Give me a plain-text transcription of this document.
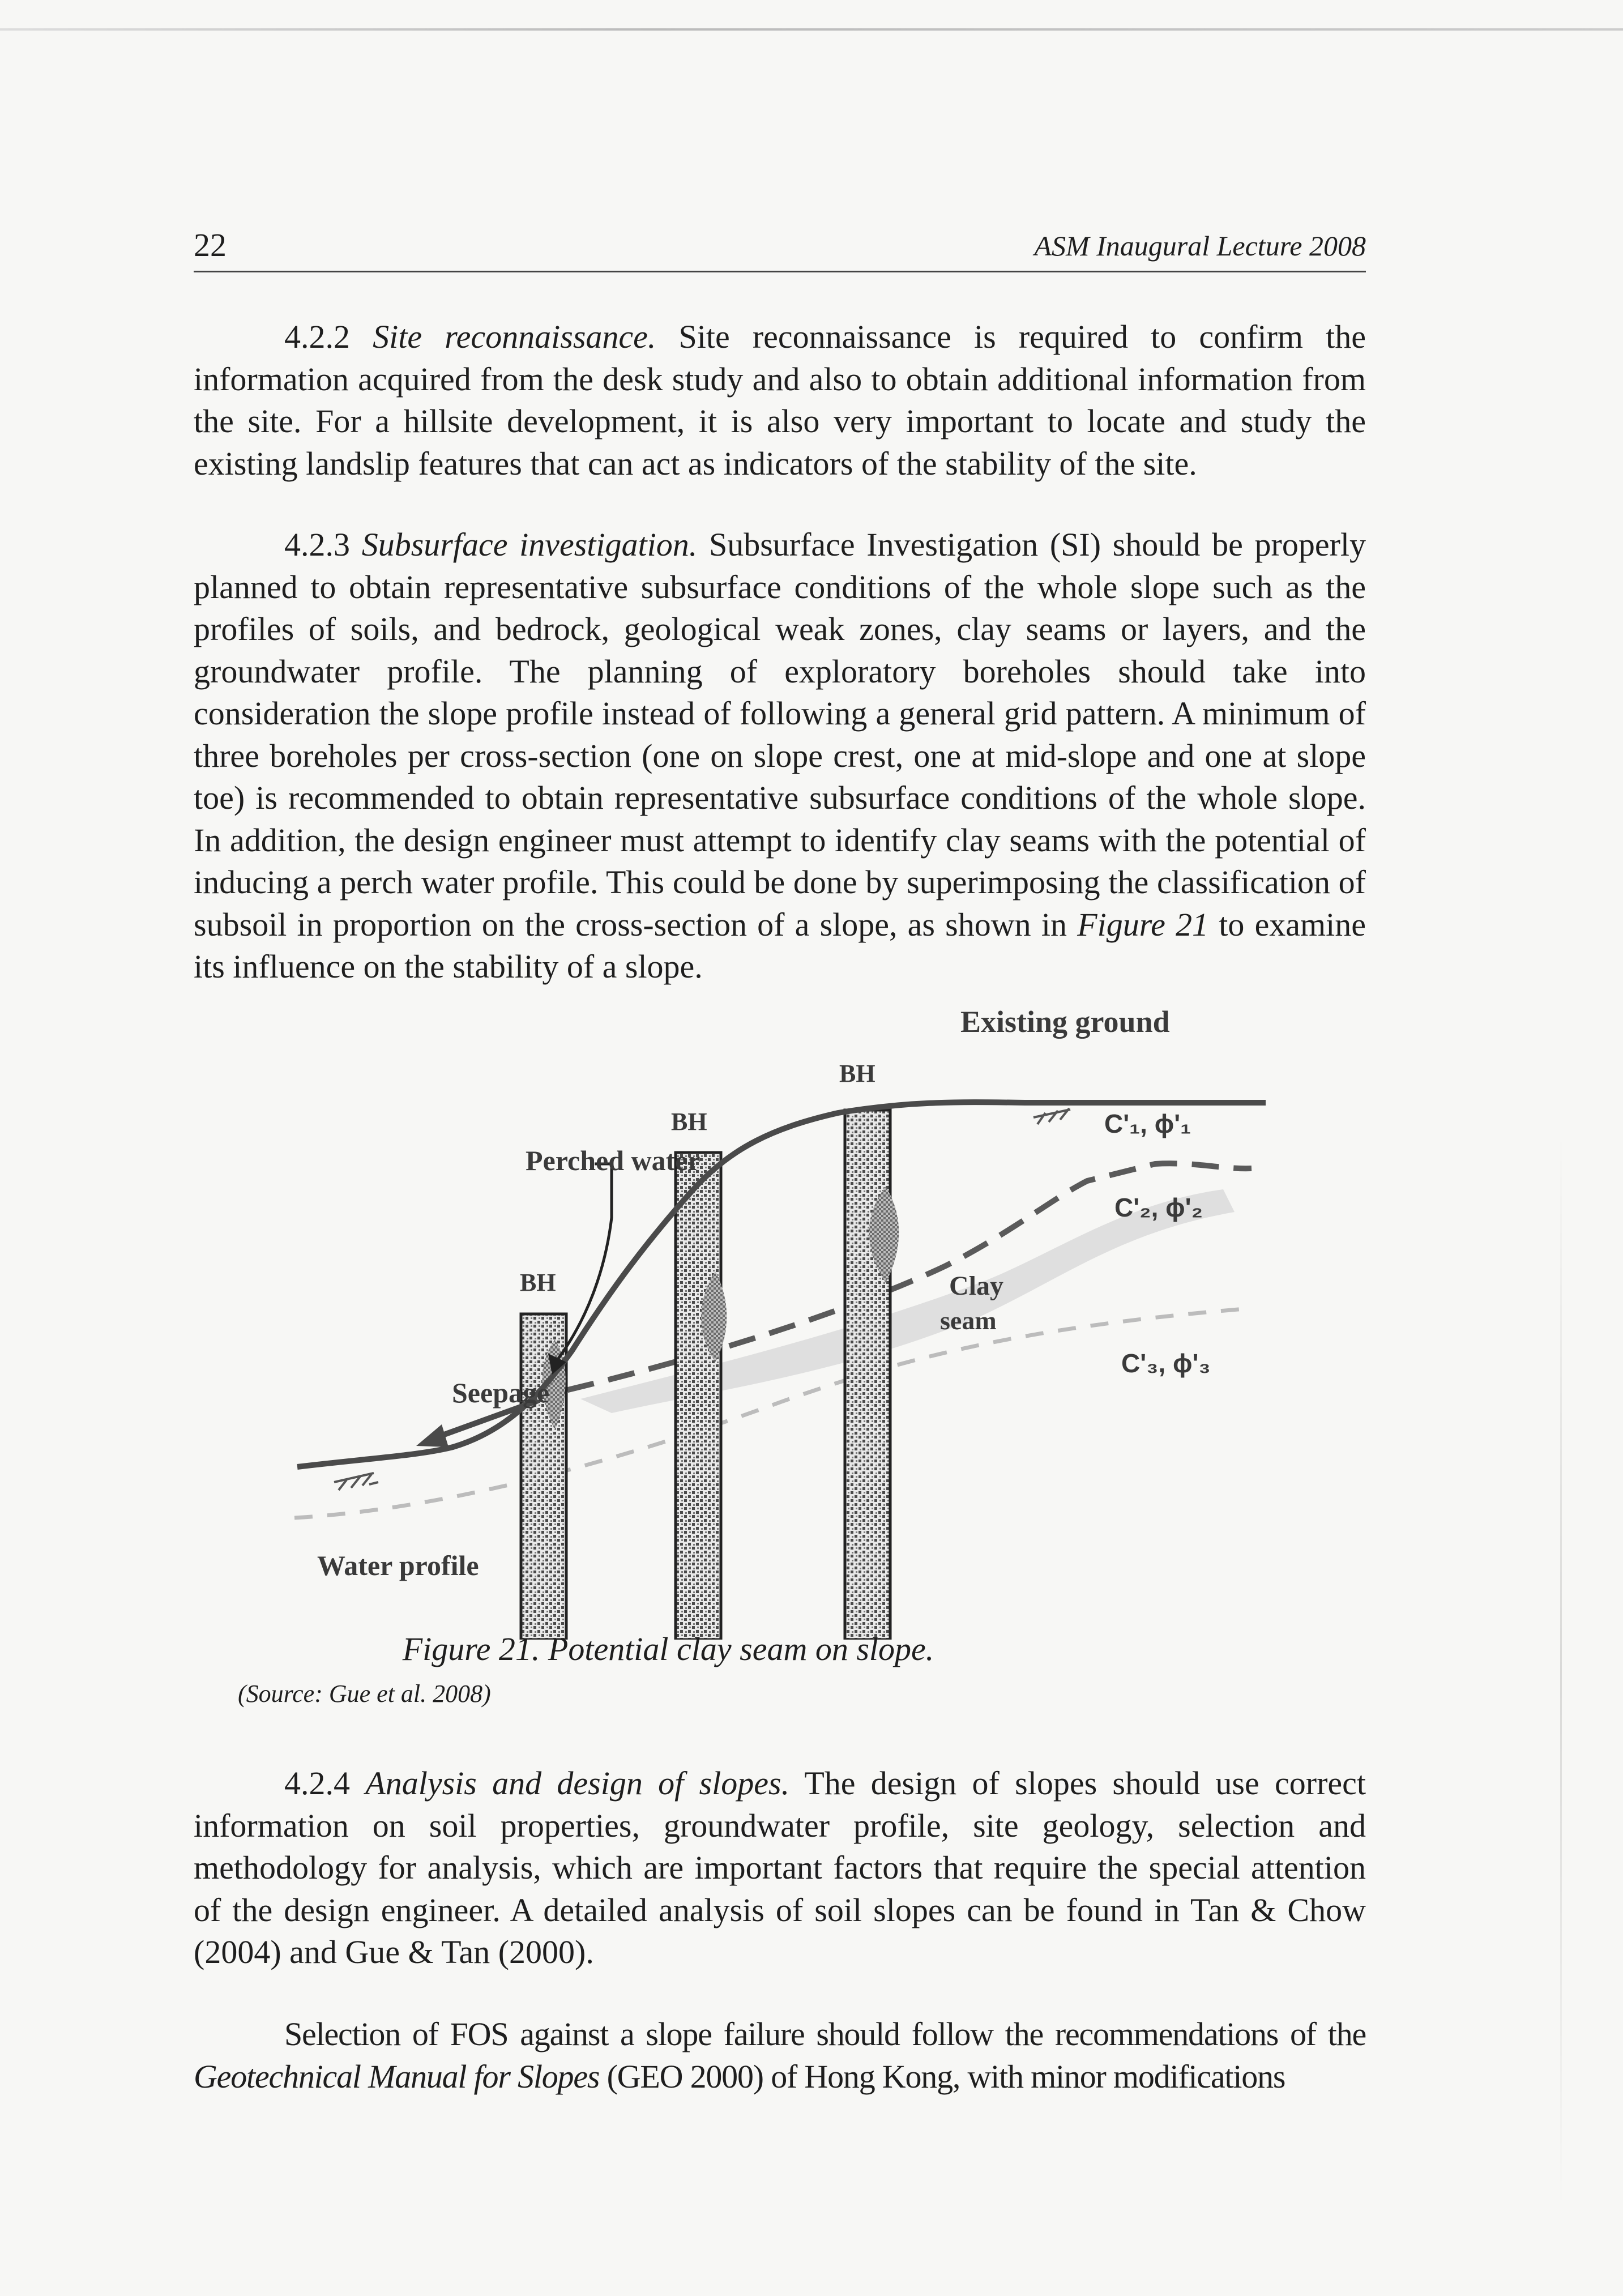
22	ASM Inaugural Lecture 2008

4.2.2 Site reconnaissance. Site reconnaissance is required to confirm the information acquired from the desk study and also to obtain additional information from the site. For a hillsite development, it is also very important to locate and study the existing landslip features that can act as indicators of the stability of the site.

4.2.3 Subsurface investigation. Subsurface Investigation (SI) should be properly planned to obtain representative subsurface conditions of the whole slope such as the profiles of soils, and bedrock, geological weak zones, clay seams or layers, and the groundwater profile. The planning of exploratory boreholes should take into consideration the slope profile instead of following a general grid pattern. A minimum of three boreholes per cross-section (one on slope crest, one at mid-slope and one at slope toe) is recommended to obtain representative subsurface conditions of the whole slope. In addition, the design engineer must attempt to identify clay seams with the potential of inducing a perch water profile. This could be done by superimposing the classification of subsoil in proportion on the cross-section of a slope, as shown in Figure 21 to examine its influence on the stability of a slope.

Existing ground
Perched water
Seepage
Water profile
Clay
seam
BH
BH
BH
C'₁, ϕ'₁
C'₂, ϕ'₂
C'₃, ϕ'₃
Figure 21. Potential clay seam on slope.
(Source: Gue et al. 2008)

4.2.4 Analysis and design of slopes. The design of slopes should use correct information on soil properties, groundwater profile, site geology, selection and methodology for analysis, which are important factors that require the special attention of the design engineer. A detailed analysis of soil slopes can be found in Tan & Chow (2004) and Gue & Tan (2000).

Selection of FOS against a slope failure should follow the recommendations of the Geotechnical Manual for Slopes (GEO 2000) of Hong Kong, with minor modifications
